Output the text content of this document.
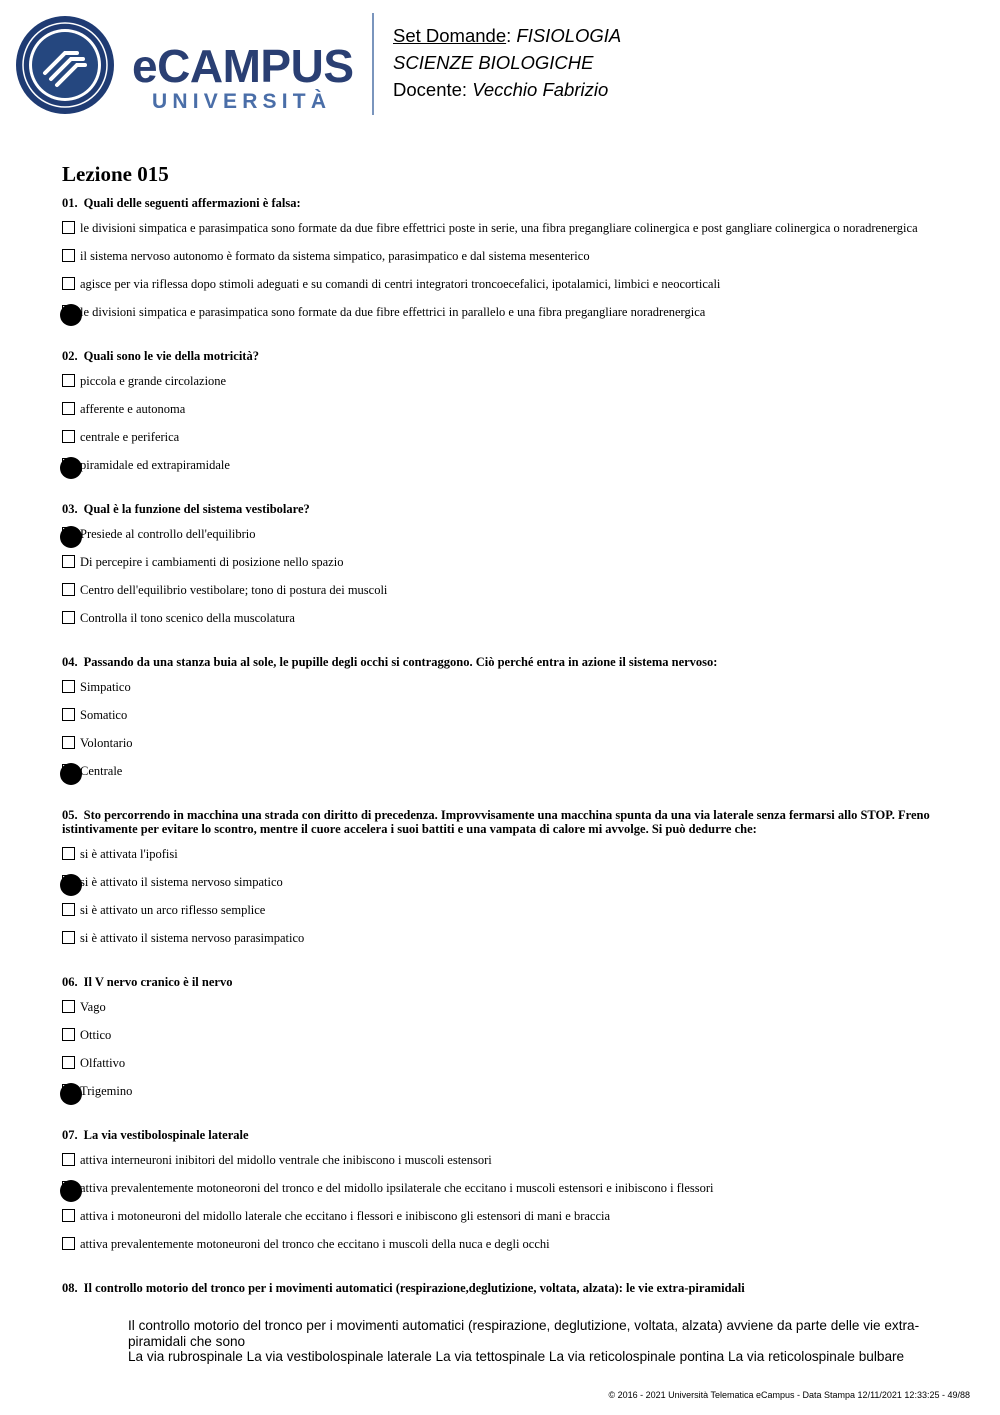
eCAMPUS
UNIVERSITÀ
Set Domande: FISIOLOGIA
SCIENZE BIOLOGICHE
Docente: Vecchio Fabrizio
Lezione 015
01. Quali delle seguenti affermazioni è falsa:
le divisioni simpatica e parasimpatica sono formate da due fibre effettrici poste in serie, una fibra pregangliare colinergica e post gangliare colinergica o noradrenergica
il sistema nervoso autonomo è formato da sistema simpatico, parasimpatico e dal sistema mesenterico
agisce per via riflessa dopo stimoli adeguati e su comandi di centri integratori troncoecefalici, ipotalamici, limbici e neocorticali
le divisioni simpatica e parasimpatica sono formate da due fibre effettrici in parallelo e una fibra pregangliare noradrenergica
02. Quali sono le vie della motricità?
piccola e grande circolazione
afferente e autonoma
centrale e periferica
piramidale ed extrapiramidale
03. Qual è la funzione del sistema vestibolare?
Presiede al controllo dell'equilibrio
Di percepire i cambiamenti di posizione nello spazio
Centro dell'equilibrio vestibolare; tono di postura dei muscoli
Controlla il tono scenico della muscolatura
04. Passando da una stanza buia al sole, le pupille degli occhi si contraggono. Ciò perché entra in azione il sistema nervoso:
Simpatico
Somatico
Volontario
Centrale
05. Sto percorrendo in macchina una strada con diritto di precedenza. Improvvisamente una macchina spunta da una via laterale senza fermarsi allo STOP. Freno istintivamente per evitare lo scontro, mentre il cuore accelera i suoi battiti e una vampata di calore mi avvolge. Si può dedurre che:
si è attivata l'ipofisi
si è attivato il sistema nervoso simpatico
si è attivato un arco riflesso semplice
si è attivato il sistema nervoso parasimpatico
06. Il V nervo cranico è il nervo
Vago
Ottico
Olfattivo
Trigemino
07. La via vestibolospinale laterale
attiva interneuroni inibitori del midollo ventrale che inibiscono i muscoli estensori
attiva prevalentemente motoneoroni del tronco e del midollo ipsilaterale che eccitano i muscoli estensori e inibiscono i flessori
attiva i motoneuroni del midollo laterale che eccitano i flessori e inibiscono gli estensori di mani e braccia
attiva prevalentemente motoneuroni del tronco che eccitano i muscoli della nuca e degli occhi
08. Il controllo motorio del tronco per i movimenti automatici (respirazione,deglutizione, voltata, alzata): le vie extra-piramidali
Il controllo motorio del tronco per i movimenti automatici (respirazione, deglutizione, voltata, alzata) avviene da parte delle vie extra-piramidali che sono
La via rubrospinale La via vestibolospinale laterale La via tettospinale La via reticolospinale pontina La via reticolospinale bulbare
© 2016 - 2021 Università Telematica eCampus - Data Stampa 12/11/2021 12:33:25 - 49/88
